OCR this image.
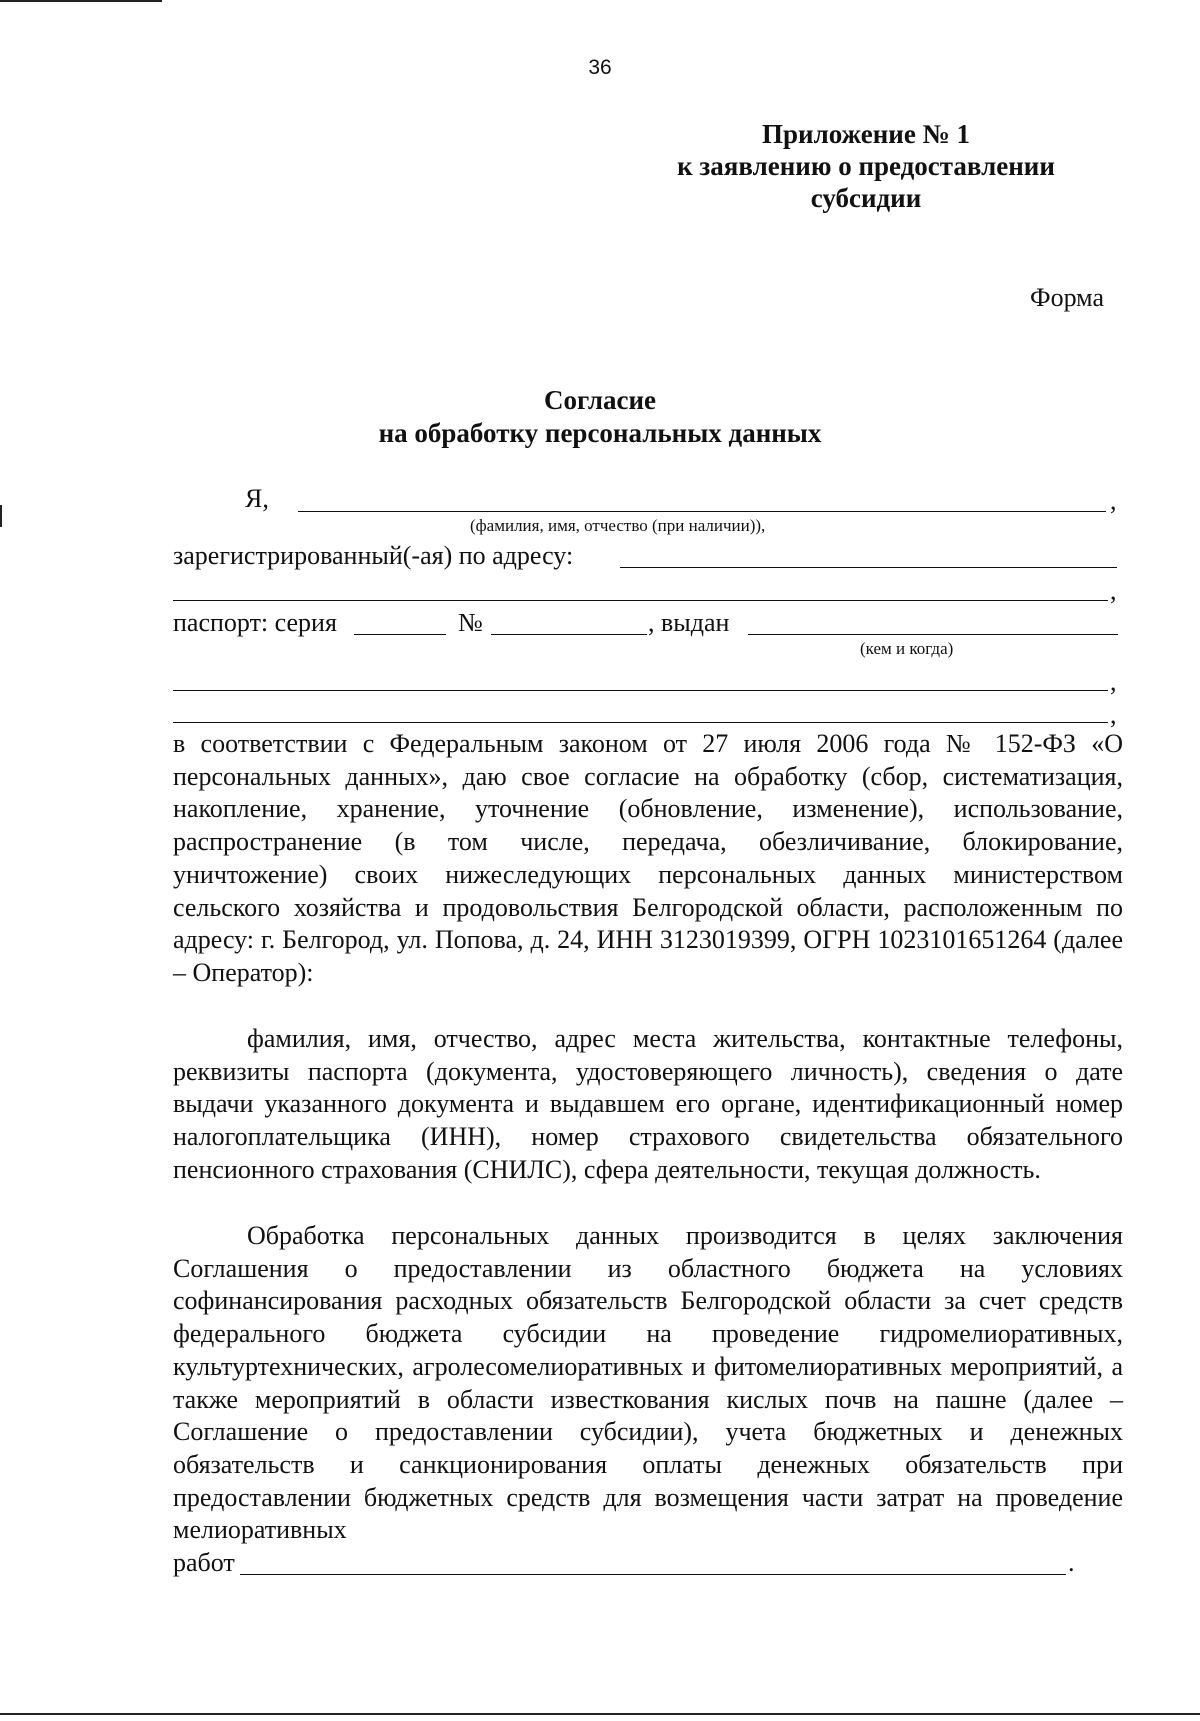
36
Приложение № 1
к заявлению о предоставлении
субсидии
Форма
Согласие
на обработку персональных данных
Я,	,
(фамилия, имя, отчество (при наличии)),
зарегистрированный(-ая) по адресу:
,
паспорт: серия	№	, выдан
(кем и когда)
,
,
в соответствии с Федеральным законом от 27 июля 2006 года № 152-ФЗ «О персональных данных», даю свое согласие на обработку (сбор, систематизация, накопление, хранение, уточнение (обновление, изменение), использование, распространение (в том числе, передача, обезличивание, блокирование, уничтожение) своих нижеследующих персональных данных министерством сельского хозяйства и продовольствия Белгородской области, расположенным по адресу: г. Белгород, ул. Попова, д. 24, ИНН 3123019399, ОГРН 1023101651264 (далее – Оператор):
фамилия, имя, отчество, адрес места жительства, контактные телефоны, реквизиты паспорта (документа, удостоверяющего личность), сведения о дате выдачи указанного документа и выдавшем его органе, идентификационный номер налогоплательщика (ИНН), номер страхового свидетельства обязательного пенсионного страхования (СНИЛС), сфера деятельности, текущая должность.
Обработка персональных данных производится в целях заключения Соглашения о предоставлении из областного бюджета на условиях софинансирования расходных обязательств Белгородской области за счет средств федерального бюджета субсидии на проведение гидромелиоративных, культуртехнических, агролесомелиоративных и фитомелиоративных мероприятий, а также мероприятий в области известкования кислых почв на пашне (далее – Соглашение о предоставлении субсидии), учета бюджетных и денежных обязательств и санкционирования оплаты денежных обязательств при предоставлении бюджетных средств для возмещения части затрат на проведение мелиоративных
работ	.
